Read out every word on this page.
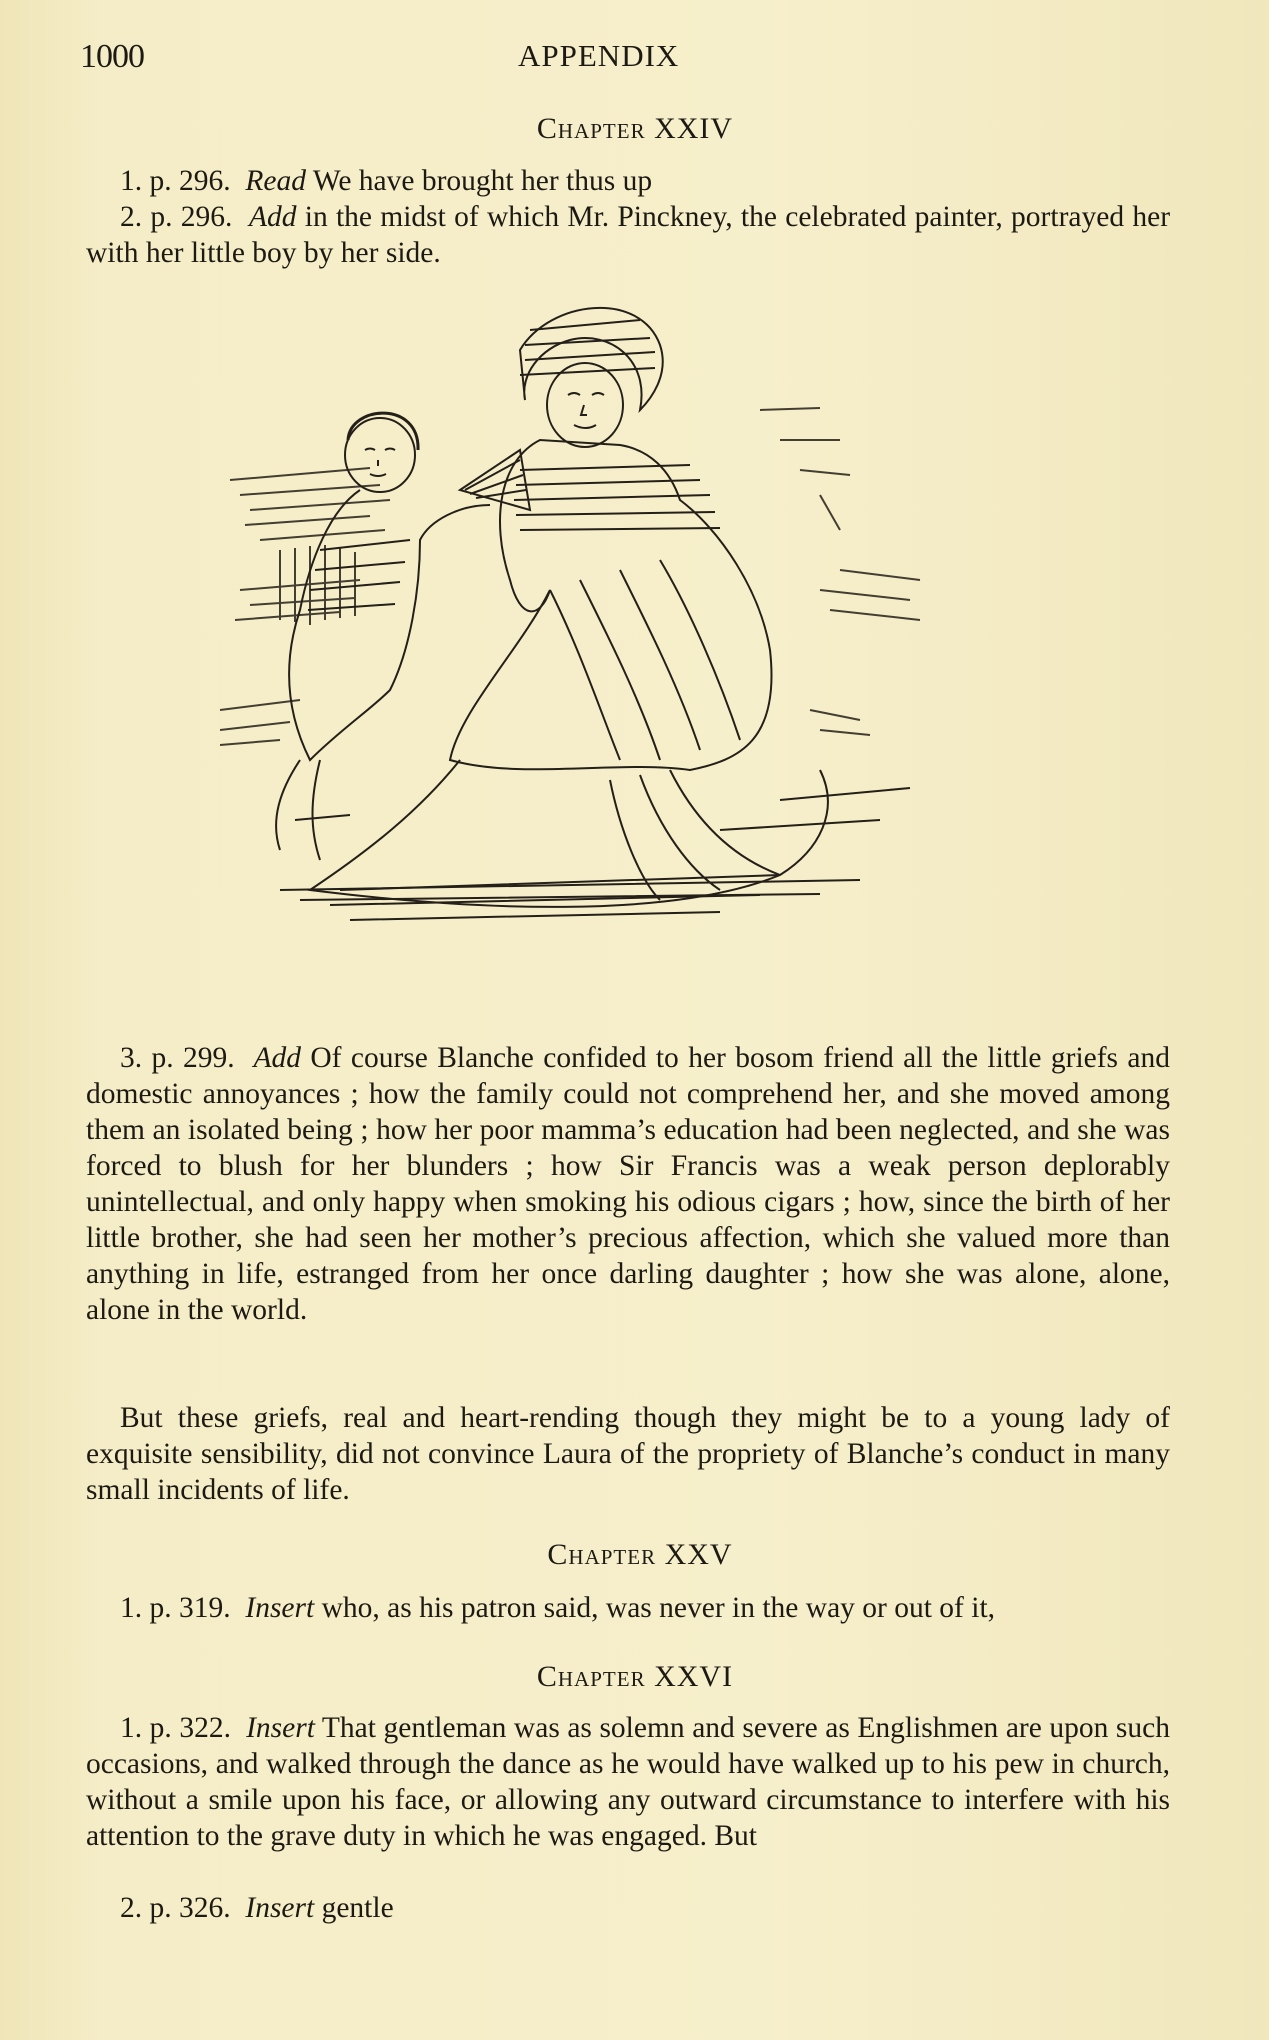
1000	APPENDIX
Chapter XXIV
1. p. 296. Read We have brought her thus up
2. p. 296. Add in the midst of which Mr. Pinckney, the celebrated painter, portrayed her with her little boy by her side.
3. p. 299. Add Of course Blanche confided to her bosom friend all the little griefs and domestic annoyances ; how the family could not comprehend her, and she moved among them an isolated being ; how her poor mamma’s education had been neglected, and she was forced to blush for her blunders ; how Sir Francis was a weak person deplorably unintellectual, and only happy when smoking his odious cigars ; how, since the birth of her little brother, she had seen her mother’s precious affection, which she valued more than anything in life, estranged from her once darling daughter ; how she was alone, alone, alone in the world.
But these griefs, real and heart-rending though they might be to a young lady of exquisite sensibility, did not convince Laura of the propriety of Blanche’s conduct in many small incidents of life.
Chapter XXV
1. p. 319. Insert who, as his patron said, was never in the way or out of it,
Chapter XXVI
1. p. 322. Insert That gentleman was as solemn and severe as Englishmen are upon such occasions, and walked through the dance as he would have walked up to his pew in church, without a smile upon his face, or allowing any outward circumstance to interfere with his attention to the grave duty in which he was engaged. But
2. p. 326. Insert gentle
